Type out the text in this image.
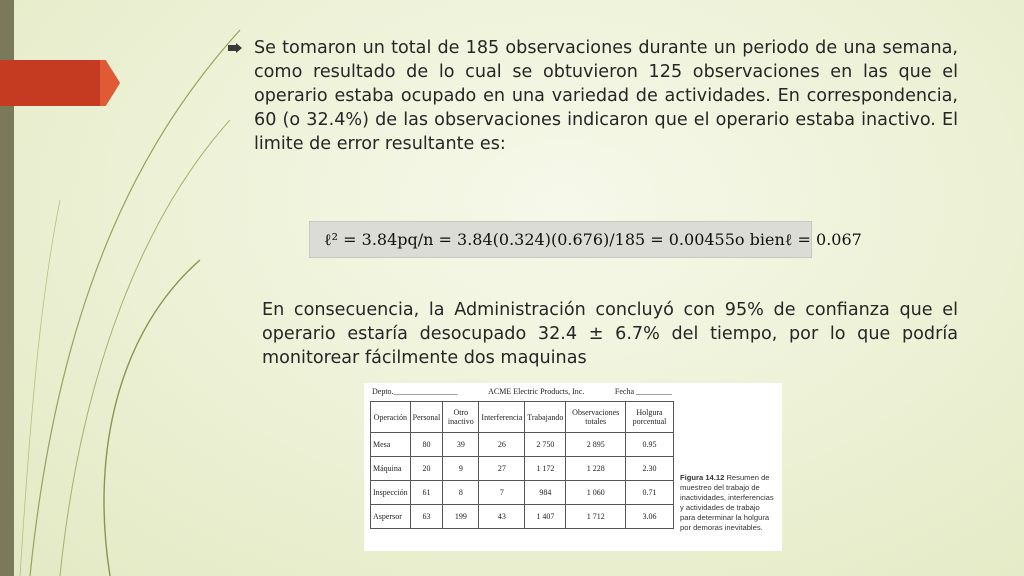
Se tomaron un total de 185 observaciones durante un periodo de una semana, como resultado de lo cual se obtuvieron 125 observaciones en las que el operario estaba ocupado en una variedad de actividades. En correspondencia, 60 (o 32.4%) de las observaciones indicaron que el operario estaba inactivo. El limite de error resultante es:
ℓ² = 3.84pq/n = 3.84(0.324)(0.676)/185 = 0.00455 o bien ℓ = 0.067
En consecuencia, la Administración concluyó con 95% de confianza que el operario estaría desocupado 32.4 ± 6.7% del tiempo, por lo que podría monitorear fácilmente dos maquinas
Depto.________________	ACME Electric Products, Inc.	Fecha _________
Operación	Personal	Otro inactivo	Interferencia	Trabajando	Observaciones totales	Holgura porcentual
Mesa	80	39	26	2 750	2 895	0.95
Máquina	20	9	27	1 172	1 228	2.30
Inspección	61	8	7	984	1 060	0.71
Aspersor	63	199	43	1 407	1 712	3.06
Figura 14.12 Resumen de muestreo del trabajo de inactividades, interferencias y actividades de trabajo para determinar la holgura por demoras inevitables.
